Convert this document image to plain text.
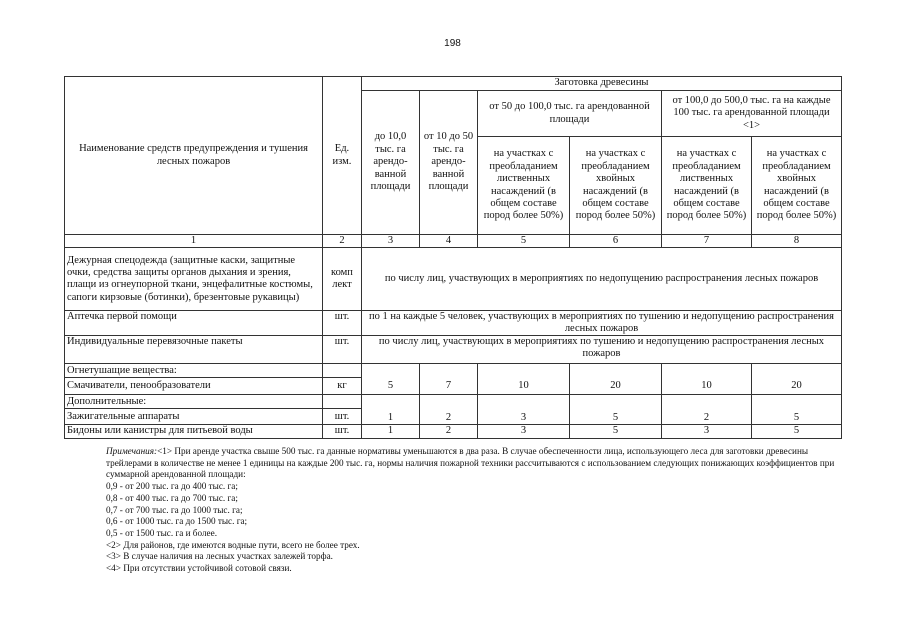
198
Наименование средств предупреждения и тушения лесных пожаров	Ед. изм.	Заготовка древесины					
		до 10,0 тыс. га арендо-ванной площади	от 10 до 50 тыс. га арендо-ванной площади	от 50 до 100,0 тыс. га арендованной площади		от 100,0 до 500,0 тыс. га на каждые 100 тыс. га арендованной площади <1>	
				на участках с преобладанием лиственных насаждений (в общем составе пород более 50%)	на участках с преобладанием хвойных насаждений (в общем составе пород более 50%)	на участках с преобладанием лиственных насаждений (в общем составе пород более 50%)	на участках с преобладанием хвойных насаждений (в общем составе пород более 50%)
1	2	3	4	5	6	7	8
Дежурная спецодежда (защитные каски, защитные очки, средства защиты органов дыхания и зрения, плащи из огнеупорной ткани, энцефалитные костюмы, сапоги кирзовые (ботинки), брезентовые рукавицы)	комп лект	по числу лиц, участвующих в мероприятиях по недопущению распространения лесных пожаров					
Аптечка первой помощи	шт.	по 1 на каждые 5 человек, участвующих в мероприятиях по тушению и недопущению распространения лесных пожаров					
Индивидуальные перевязочные пакеты	шт.	по числу лиц, участвующих в мероприятиях по тушению и недопущению распространения лесных пожаров					
Огнетушащие вещества:							
Смачиватели, пенообразователи	кг	5	7	10	20	10	20
Дополнительные:							
Зажигательные аппараты	шт.	1	2	3	5	2	5
Бидоны или канистры для питьевой воды	шт.	1	2	3	5	3	5

Примечания:<1> При аренде участка свыше 500 тыс. га данные нормативы уменьшаются в два раза. В случае обеспеченности лица, использующего леса для заготовки древесины трейлерами в количестве не менее 1 единицы на каждые 200 тыс. га, нормы наличия пожарной техники рассчитываются с использованием следующих понижающих коэффициентов при суммарной арендованной площади:

0,9 - от 200 тыс. га до 400 тыс. га;

0,8 - от 400 тыс. га до 700 тыс. га;

0,7 - от 700 тыс. га до 1000 тыс. га;

0,6 - от 1000 тыс. га до 1500 тыс. га;

0,5 - от 1500 тыс. га и более.

<2> Для районов, где имеются водные пути, всего не более трех.

<3> В случае наличия на лесных участках залежей торфа.

<4> При отсутствии устойчивой сотовой связи.
